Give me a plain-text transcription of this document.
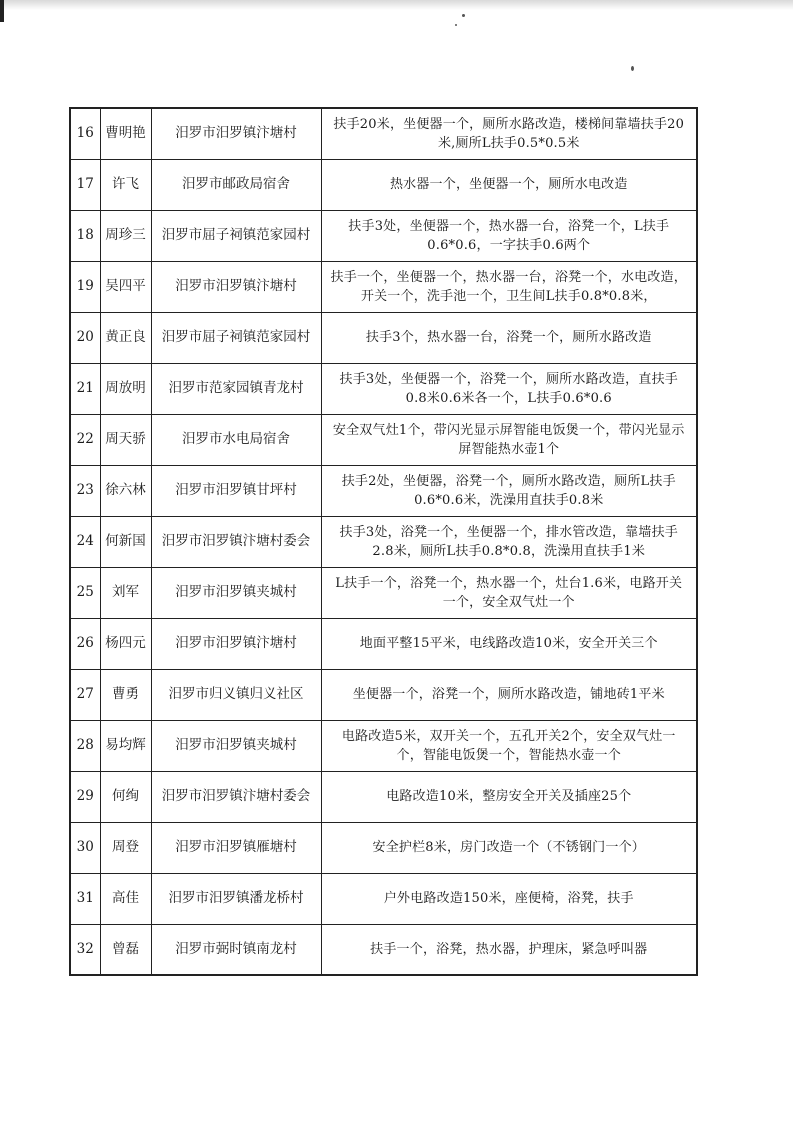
16	曹明艳	汨罗市汨罗镇汴塘村	扶手20米，坐便器一个，厕所水路改造，楼梯间靠墙扶手20米,厕所L扶手0.5*0.5米
17	许飞	汨罗市邮政局宿舍	热水器一个，坐便器一个，厕所水电改造
18	周珍三	汨罗市屈子祠镇范家园村	扶手3处，坐便器一个，热水器一台，浴凳一个，L扶手0.6*0.6，一字扶手0.6两个
19	吴四平	汨罗市汨罗镇汴塘村	扶手一个，坐便器一个，热水器一台，浴凳一个，水电改造，开关一个，洗手池一个，卫生间L扶手0.8*0.8米，
20	黄正良	汨罗市屈子祠镇范家园村	扶手3个，热水器一台，浴凳一个，厕所水路改造
21	周放明	汨罗市范家园镇青龙村	扶手3处，坐便器一个，浴凳一个，厕所水路改造，直扶手0.8米0.6米各一个，L扶手0.6*0.6
22	周天骄	汨罗市水电局宿舍	安全双气灶1个，带闪光显示屏智能电饭煲一个，带闪光显示屏智能热水壶1个
23	徐六林	汨罗市汨罗镇甘坪村	扶手2处，坐便器，浴凳一个，厕所水路改造，厕所L扶手0.6*0.6米，洗澡用直扶手0.8米
24	何新国	汨罗市汨罗镇汴塘村委会	扶手3处，浴凳一个，坐便器一个，排水管改造，靠墙扶手2.8米，厕所L扶手0.8*0.8，洗澡用直扶手1米
25	刘军	汨罗市汨罗镇夹城村	L扶手一个，浴凳一个，热水器一个，灶台1.6米，电路开关一个，安全双气灶一个
26	杨四元	汨罗市汨罗镇汴塘村	地面平整15平米，电线路改造10米，安全开关三个
27	曹勇	汨罗市归义镇归义社区	坐便器一个，浴凳一个，厕所水路改造，铺地砖1平米
28	易均辉	汨罗市汨罗镇夹城村	电路改造5米，双开关一个，五孔开关2个，安全双气灶一个，智能电饭煲一个，智能热水壶一个
29	何绚	汨罗市汨罗镇汴塘村委会	电路改造10米，整房安全开关及插座25个
30	周登	汨罗市汨罗镇雁塘村	安全护栏8米，房门改造一个（不锈钢门一个）
31	高佳	汨罗市汨罗镇潘龙桥村	户外电路改造150米，座便椅，浴凳，扶手
32	曾磊	汨罗市弼时镇南龙村	扶手一个，浴凳，热水器，护理床，紧急呼叫器
